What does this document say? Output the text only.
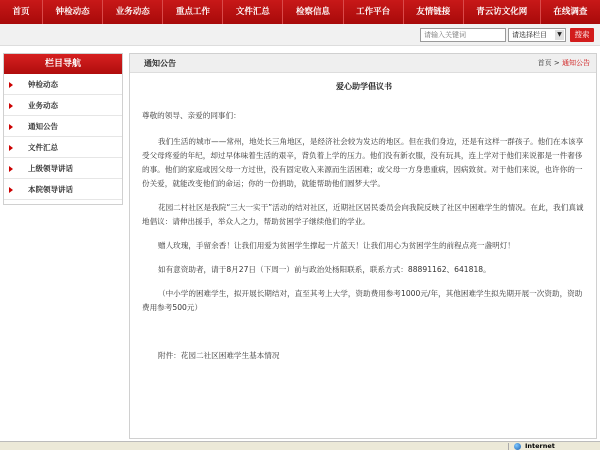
首页	钟检动态	业务动态	重点工作	文件汇总	检察信息	工作平台	友情链接	青云访文化网	在线调查
请输入关键词
请选择栏目	▼	搜索
栏目导航
钟检动态
业务动态
通知公告
文件汇总
上级领导讲话
本院领导讲话
通知公告	首页 > 通知公告
爱心助学倡议书

尊敬的领导、亲爱的同事们：

我们生活的城市——常州，地处长三角地区，是经济社会较为发达的地区。但在我们身边，还是有这样一群孩子。他们在本该享受父母疼爱的年纪，却过早体味着生活的艰辛，背负着上学的压力。他们没有新衣服，没有玩具，连上学对于他们来说都是一件奢侈的事。他们的家庭或因父母一方过世，没有固定收入来源而生活困难；或父母一方身患重病，因病致贫。对于他们来说，也许你的一份关爱，就能改变他们的命运；你的一份捐助，就能帮助他们圆梦大学。

花园二村社区是我院“三大一实干”活动的结对社区，近期社区居民委员会向我院反映了社区中困难学生的情况。在此，我们真诚地倡议：请伸出援手，举众人之力，帮助贫困学子继续他们的学业。

赠人玫瑰，手留余香！让我们用爱为贫困学生撑起一片蓝天！让我们用心为贫困学生的前程点亮一盏明灯！

如有意资助者，请于8月27日（下周一）前与政治处杨阳联系，联系方式：88891162、641818。

（中小学的困难学生，拟开展长期结对，直至其考上大学，资助费用参考1000元/年，其他困难学生拟先期开展一次资助，资助费用参考500元）

附件：花园二社区困难学生基本情况

Internet
